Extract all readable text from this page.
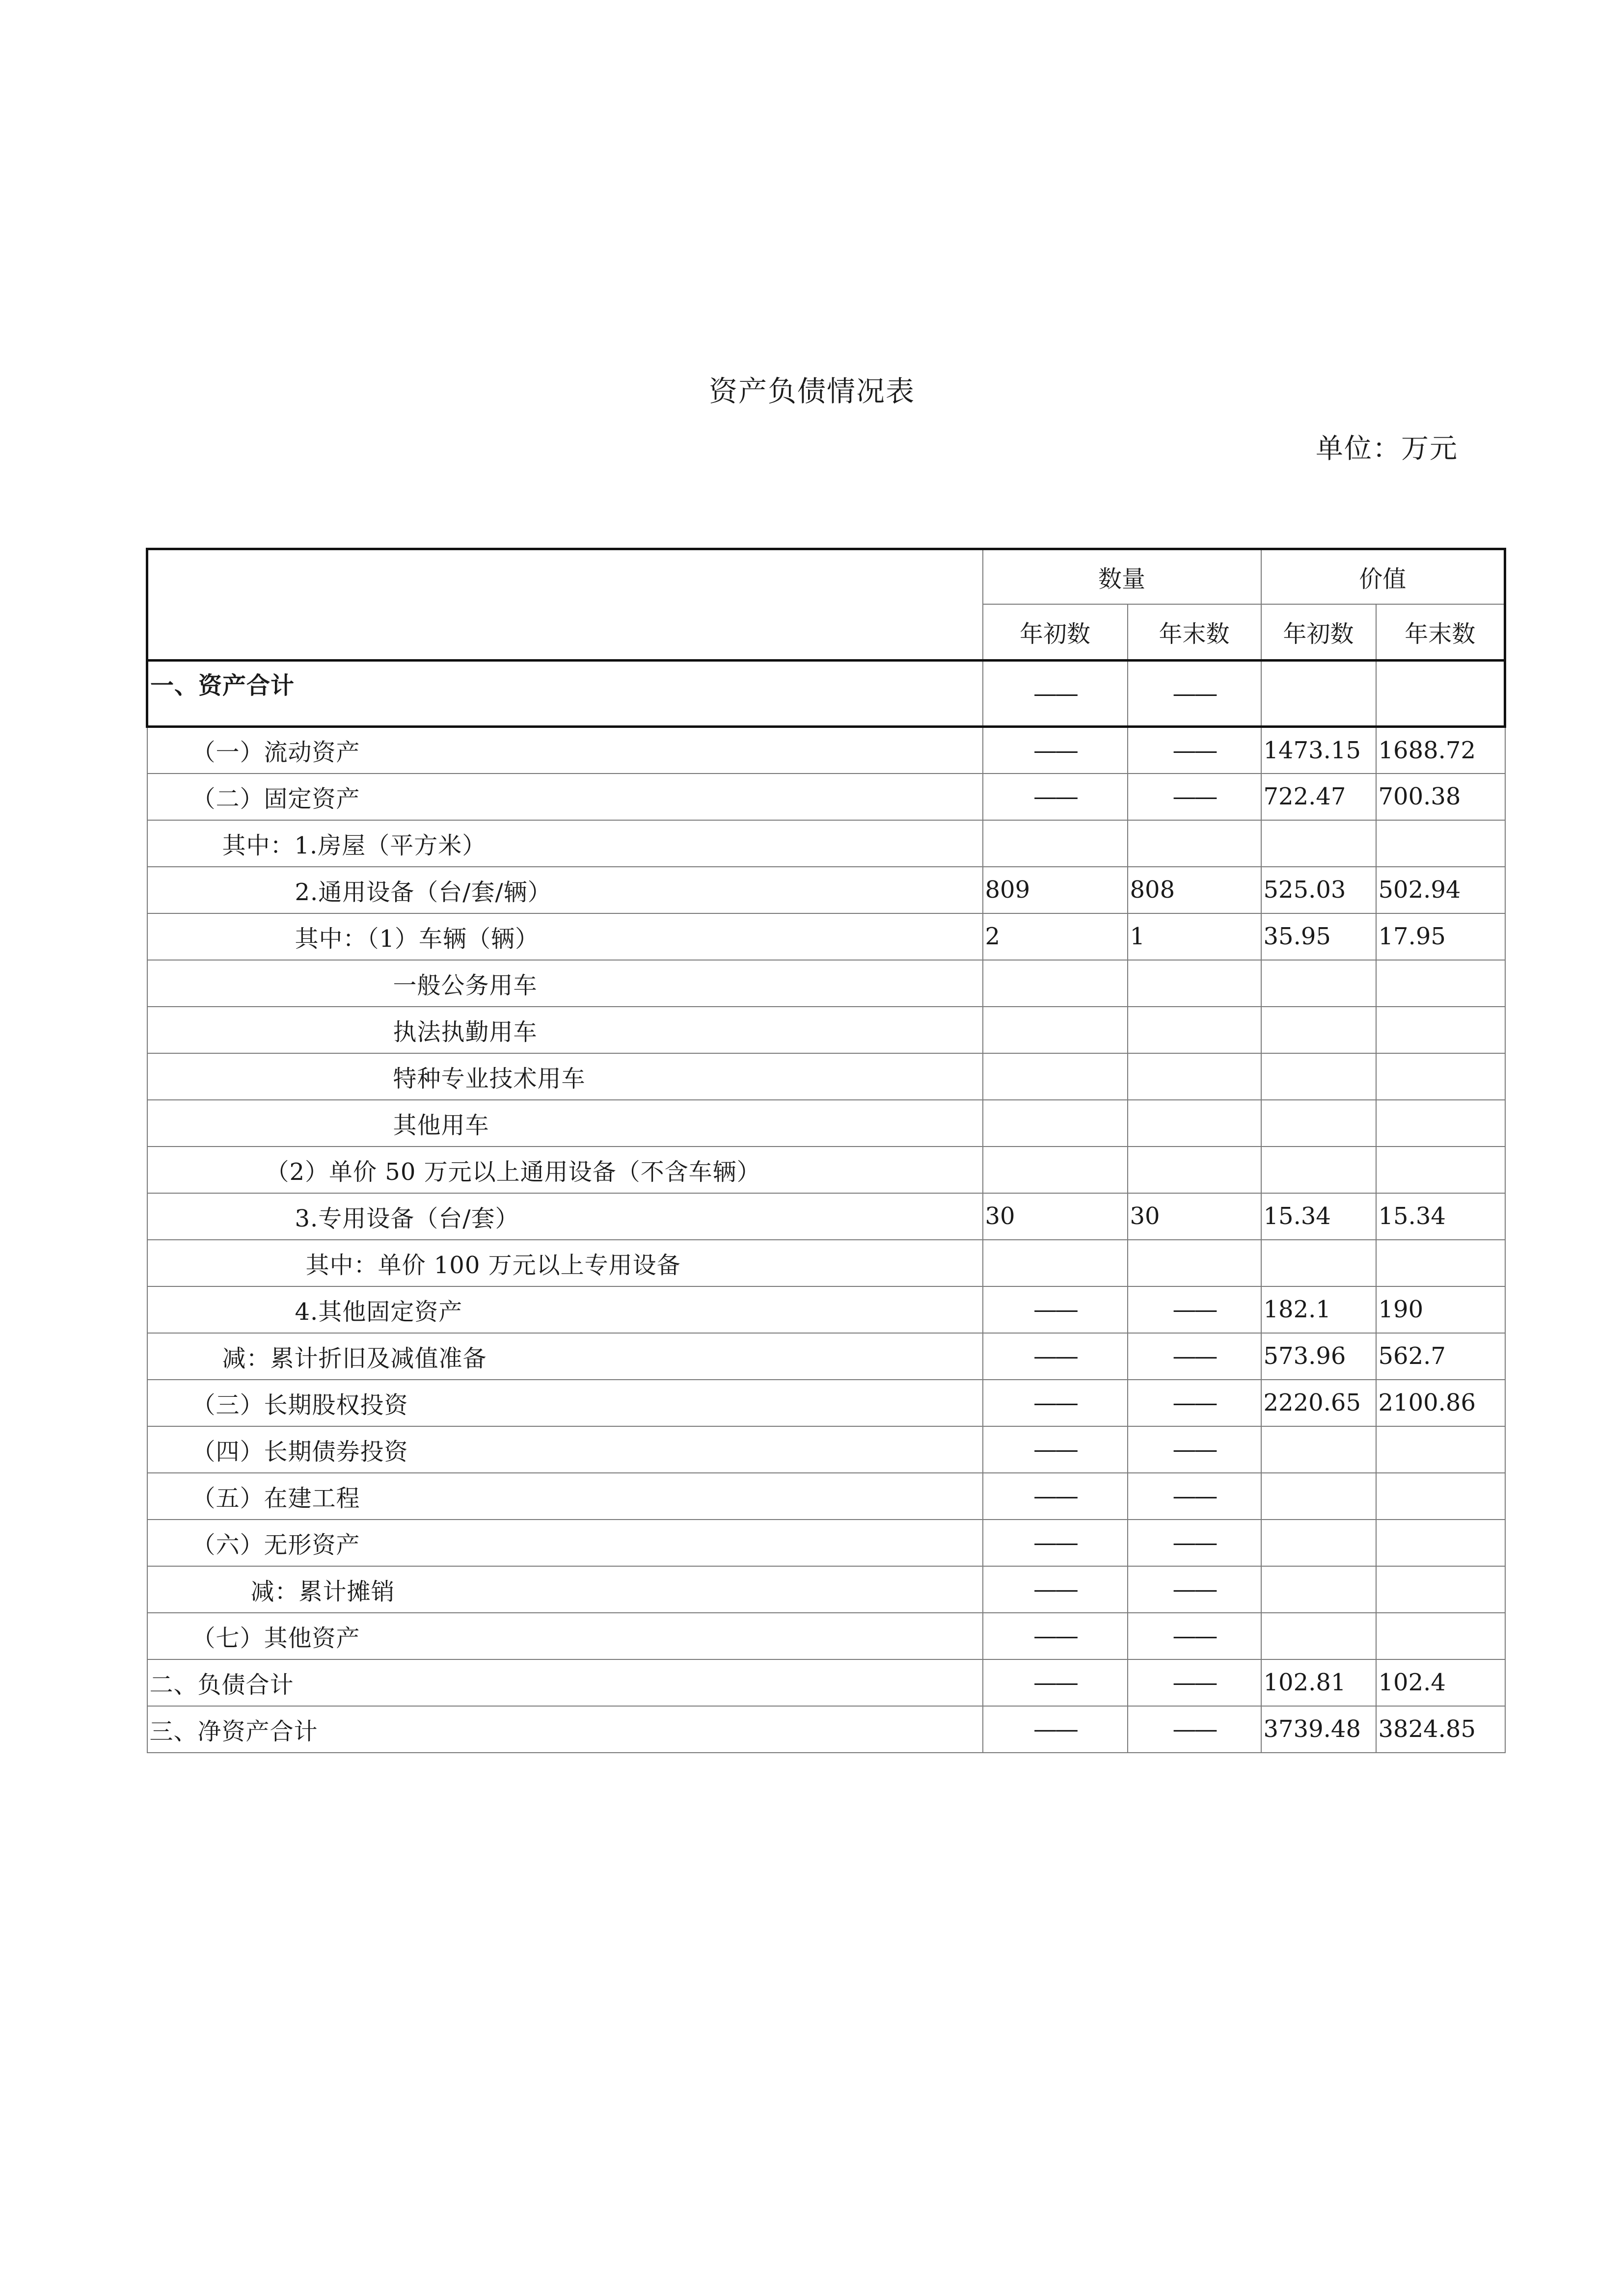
资产负债情况表
单位：万元
	数量		价值	
	年初数	年末数	年初数	年末数
一、资产合计	——	——		
（一）流动资产	——	——	1473.15	1688.72
（二）固定资产	——	——	722.47	700.38
其中：1.房屋（平方米）				
2.通用设备（台/套/辆）	809	808	525.03	502.94
其中：（1）车辆（辆）	2	1	35.95	17.95
一般公务用车				
执法执勤用车				
特种专业技术用车				
其他用车				
（2）单价 50 万元以上通用设备（不含车辆）				
3.专用设备（台/套）	30	30	15.34	15.34
其中：单价 100 万元以上专用设备				
4.其他固定资产	——	——	182.1	190
减：累计折旧及减值准备	——	——	573.96	562.7
（三）长期股权投资	——	——	2220.65	2100.86
（四）长期债券投资	——	——		
（五）在建工程	——	——		
（六）无形资产	——	——		
减：累计摊销	——	——		
（七）其他资产	——	——		
二、负债合计	——	——	102.81	102.4
三、净资产合计	——	——	3739.48	3824.85
